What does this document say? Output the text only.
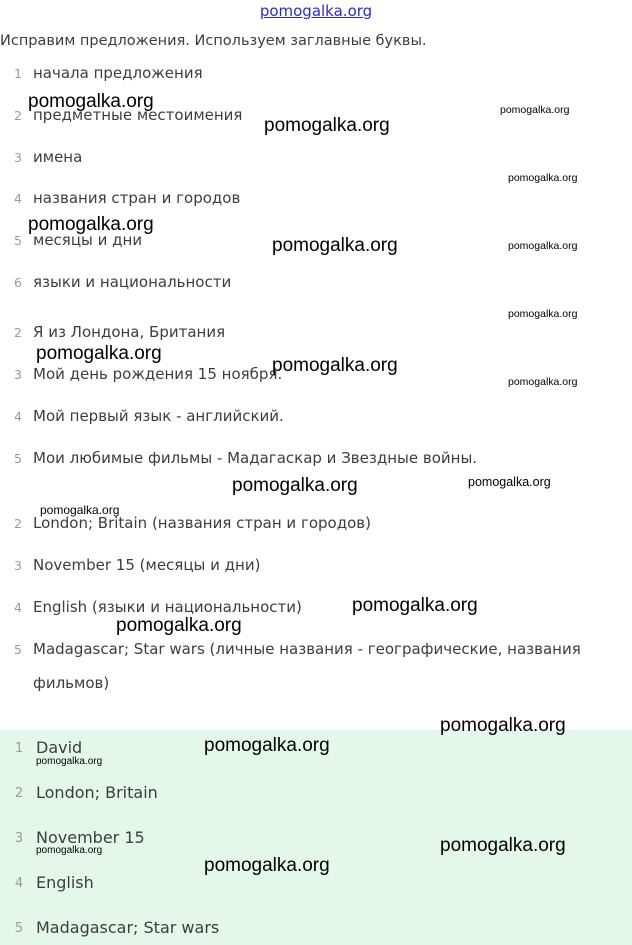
pomogalka.org
Исправим предложения. Используем заглавные буквы.
1 начала предложения
2 предметные местоимения
3 имена
4 названия стран и городов
5 месяцы и дни
6 языки и национальности
2 Я из Лондона, Британия
3 Мой день рождения 15 ноября.
4 Мой первый язык - английский.
5 Мои любимые фильмы - Мадагаскар и Звездные войны.
2 London; Britain (названия стран и городов)
3 November 15 (месяцы и дни)
4 English (языки и национальности)
5 Madagascar; Star wars (личные названия - географические, названия фильмов)
1 David
2 London; Britain
3 November 15
4 English
5 Madagascar; Star wars
pomogalka.org
pomogalka.org
pomogalka.org
pomogalka.org
pomogalka.org
pomogalka.org	pomogalka.org
pomogalka.org
pomogalka.org
pomogalka.org
pomogalka.org
pomogalka.org	pomogalka.org
pomogalka.org
pomogalka.org
pomogalka.org
pomogalka.org
pomogalka.org
pomogalka.org
pomogalka.org
pomogalka.org
pomogalka.org
